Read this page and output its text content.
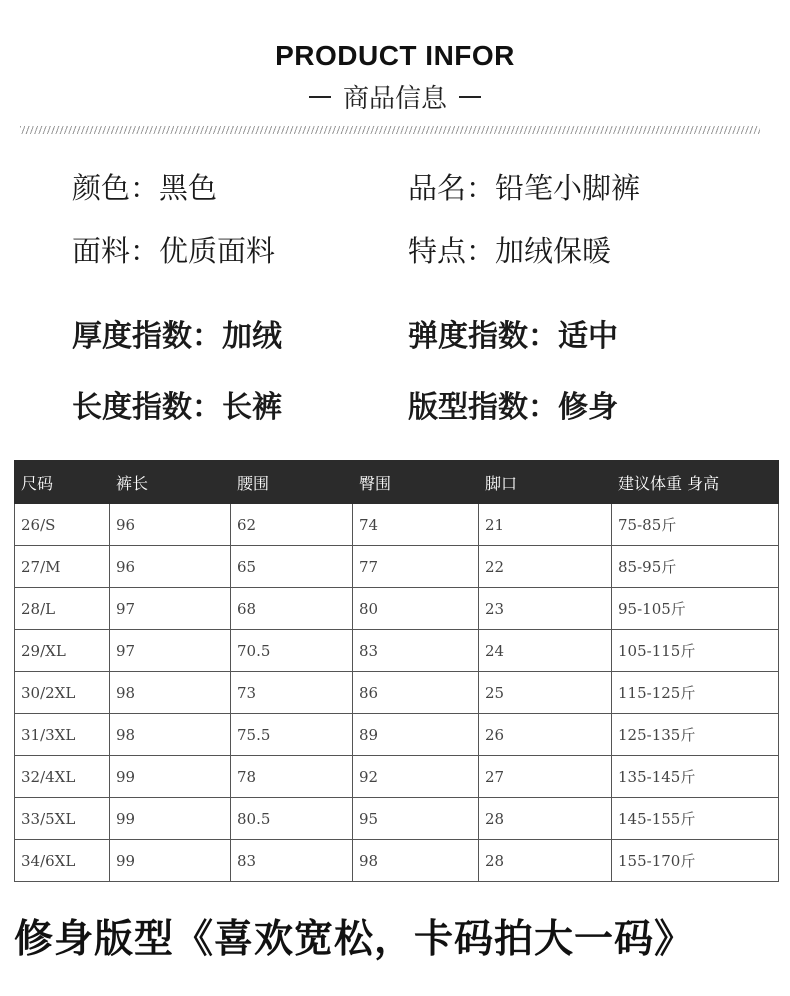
PRODUCT INFOR
商品信息
颜色：黑色	品名：铅笔小脚裤
面料：优质面料	特点：加绒保暖
厚度指数：加绒	弹度指数：适中
长度指数：长裤	版型指数：修身
尺码	裤长	腰围	臀围	脚口	建议体重 身高
26/S	96	62	74	21	75-85斤
27/M	96	65	77	22	85-95斤
28/L	97	68	80	23	95-105斤
29/XL	97	70.5	83	24	105-115斤
30/2XL	98	73	86	25	115-125斤
31/3XL	98	75.5	89	26	125-135斤
32/4XL	99	78	92	27	135-145斤
33/5XL	99	80.5	95	28	145-155斤
34/6XL	99	83	98	28	155-170斤
修身版型《喜欢宽松，卡码拍大一码》
